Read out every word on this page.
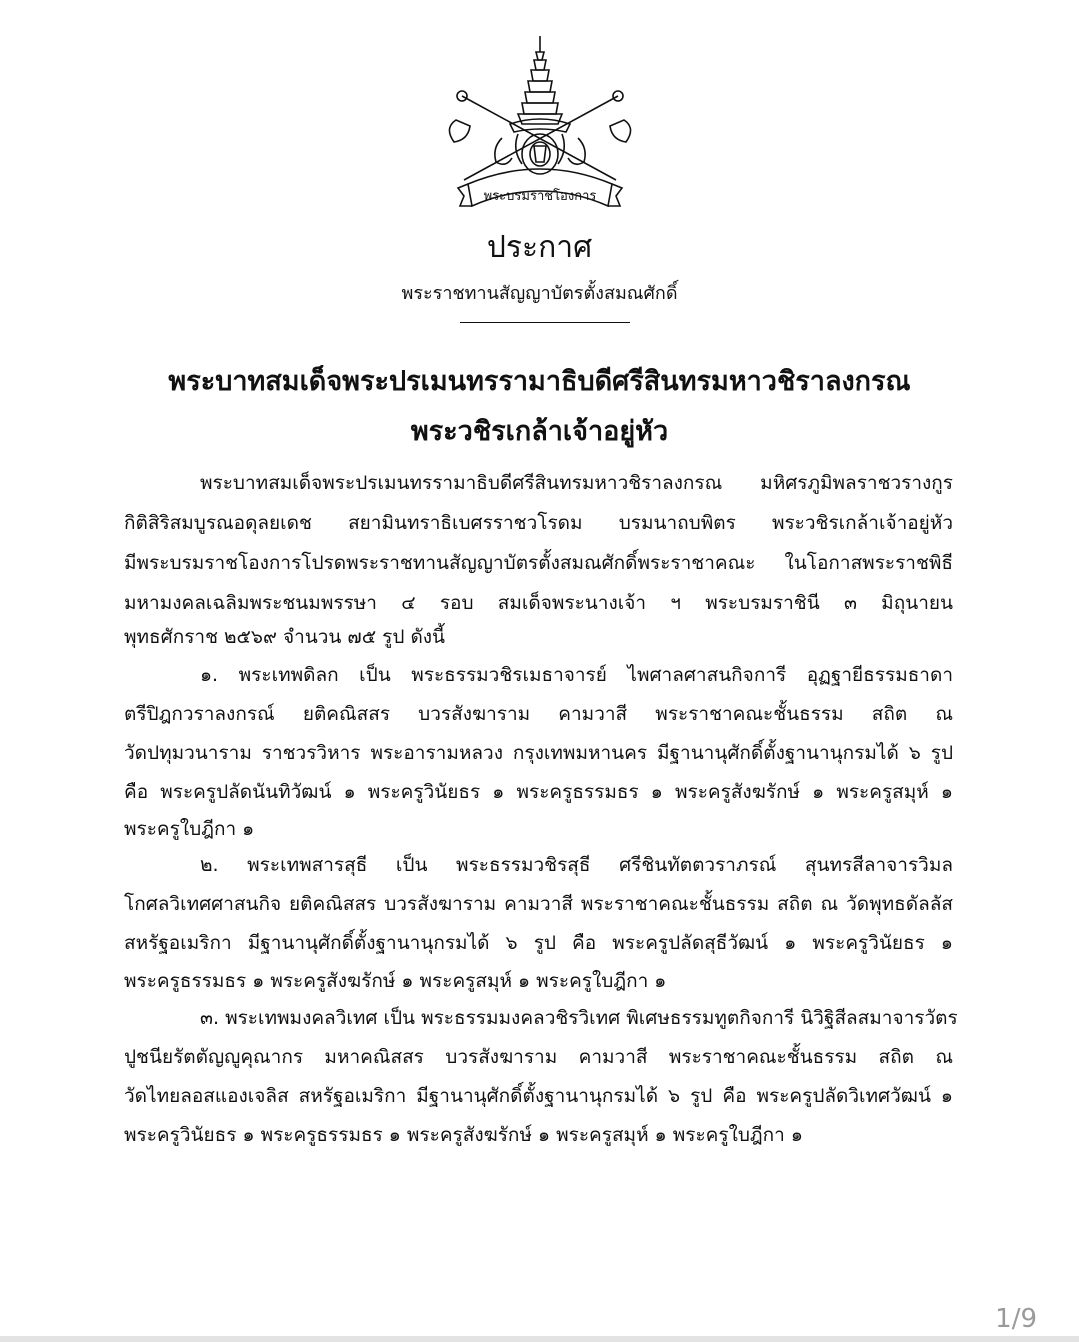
พระบรมราชโองการ
ประกาศ
พระราชทานสัญญาบัตรตั้งสมณศักดิ์
พระบาทสมเด็จพระปรเมนทรรามาธิบดีศรีสินทรมหาวชิราลงกรณ
พระวชิรเกล้าเจ้าอยู่หัว
พระบาทสมเด็จพระปรเมนทรรามาธิบดีศรีสินทรมหาวชิราลงกรณ มหิศรภูมิพลราชวรางกูร
กิติสิริสมบูรณอดุลยเดช สยามินทราธิเบศรราชวโรดม บรมนาถบพิตร พระวชิรเกล้าเจ้าอยู่หัว
มีพระบรมราชโองการโปรดพระราชทานสัญญาบัตรตั้งสมณศักดิ์พระราชาคณะ ในโอกาสพระราชพิธี
มหามงคลเฉลิมพระชนมพรรษา ๔ รอบ สมเด็จพระนางเจ้า ฯ พระบรมราชินี ๓ มิถุนายน
พุทธศักราช ๒๕๖๙ จำนวน ๗๕ รูป ดังนี้
๑. พระเทพดิลก เป็น พระธรรมวชิรเมธาจารย์ ไพศาลศาสนกิจการี อุฏฐายีธรรมธาดา
ตรีปิฎกวราลงกรณ์ ยติคณิสสร บวรสังฆาราม คามวาสี พระราชาคณะชั้นธรรม สถิต ณ
วัดปทุมวนาราม ราชวรวิหาร พระอารามหลวง กรุงเทพมหานคร มีฐานานุศักดิ์ตั้งฐานานุกรมได้ ๖ รูป
คือ พระครูปลัดนันทิวัฒน์ ๑ พระครูวินัยธร ๑ พระครูธรรมธร ๑ พระครูสังฆรักษ์ ๑ พระครูสมุห์ ๑
พระครูใบฎีกา ๑
๒. พระเทพสารสุธี เป็น พระธรรมวชิรสุธี ศรีชินทัตตวราภรณ์ สุนทรสีลาจารวิมล
โกศลวิเทศศาสนกิจ ยติคณิสสร บวรสังฆาราม คามวาสี พระราชาคณะชั้นธรรม สถิต ณ วัดพุทธดัลลัส
สหรัฐอเมริกา มีฐานานุศักดิ์ตั้งฐานานุกรมได้ ๖ รูป คือ พระครูปลัดสุธีวัฒน์ ๑ พระครูวินัยธร ๑
พระครูธรรมธร ๑ พระครูสังฆรักษ์ ๑ พระครูสมุห์ ๑ พระครูใบฎีกา ๑
๓. พระเทพมงคลวิเทศ เป็น พระธรรมมงคลวชิรวิเทศ พิเศษธรรมทูตกิจการี นิวิฐิสีลสมาจารวัตร
ปูชนียรัตตัญญูคุณากร มหาคณิสสร บวรสังฆาราม คามวาสี พระราชาคณะชั้นธรรม สถิต ณ
วัดไทยลอสแองเจลิส สหรัฐอเมริกา มีฐานานุศักดิ์ตั้งฐานานุกรมได้ ๖ รูป คือ พระครูปลัดวิเทศวัฒน์ ๑
พระครูวินัยธร ๑ พระครูธรรมธร ๑ พระครูสังฆรักษ์ ๑ พระครูสมุห์ ๑ พระครูใบฎีกา ๑
1/9
